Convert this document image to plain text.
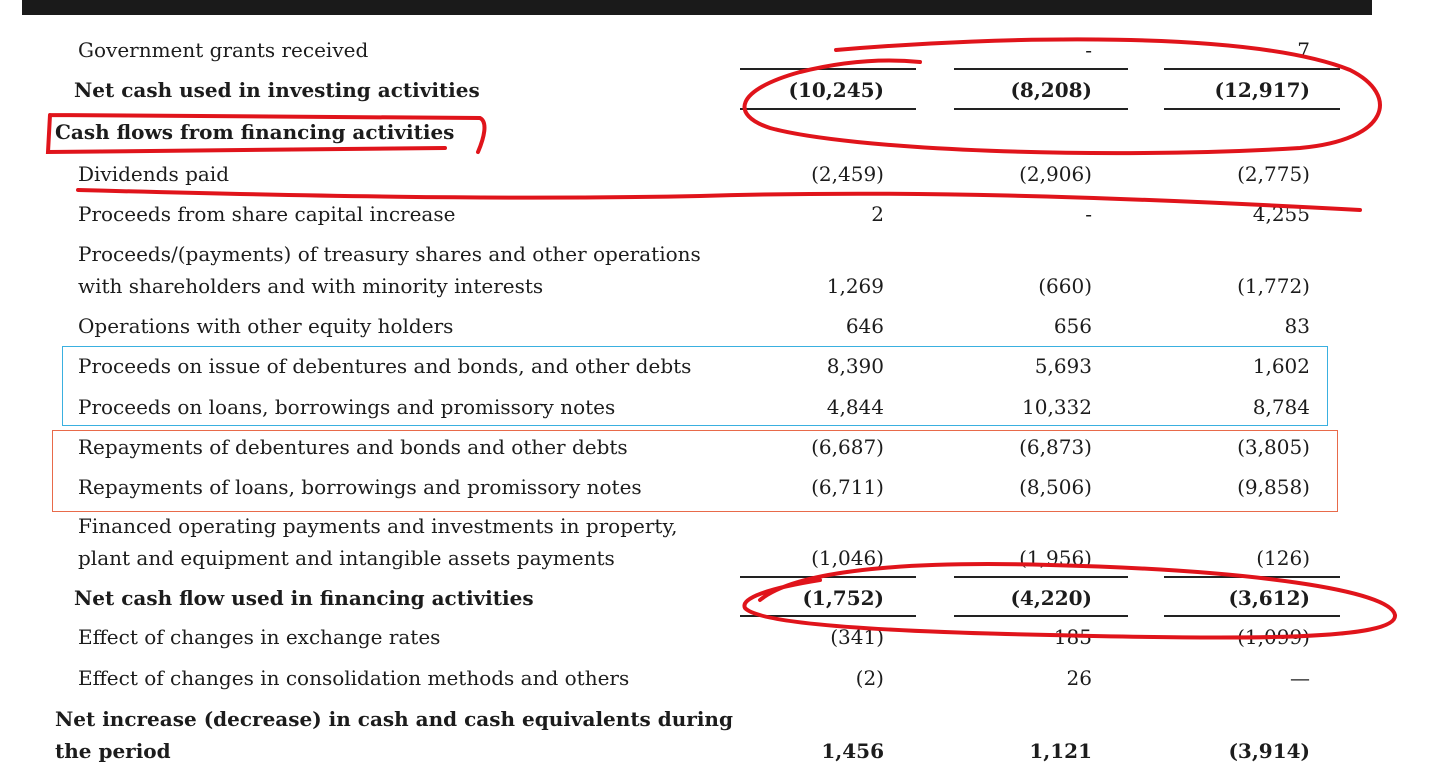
Government grants received	-	7
Net cash used in investing activities	(10,245)	(8,208)	(12,917)
Cash flows from financing activities
Dividends paid	(2,459)	(2,906)	(2,775)
Proceeds from share capital increase	2	-	4,255
Proceeds/(payments) of treasury shares and other operations
with shareholders and with minority interests	1,269	(660)	(1,772)
Operations with other equity holders	646	656	83
Proceeds on issue of debentures and bonds, and other debts	8,390	5,693	1,602
Proceeds on loans, borrowings and promissory notes	4,844	10,332	8,784
Repayments of debentures and bonds and other debts	(6,687)	(6,873)	(3,805)
Repayments of loans, borrowings and promissory notes	(6,711)	(8,506)	(9,858)
Financed operating payments and investments in property,
plant and equipment and intangible assets payments	(1,046)	(1,956)	(126)
Net cash flow used in financing activities	(1,752)	(4,220)	(3,612)
Effect of changes in exchange rates	(341)	185	(1,099)
Effect of changes in consolidation methods and others	(2)	26	—
Net increase (decrease) in cash and cash equivalents during
the period	1,456	1,121	(3,914)
